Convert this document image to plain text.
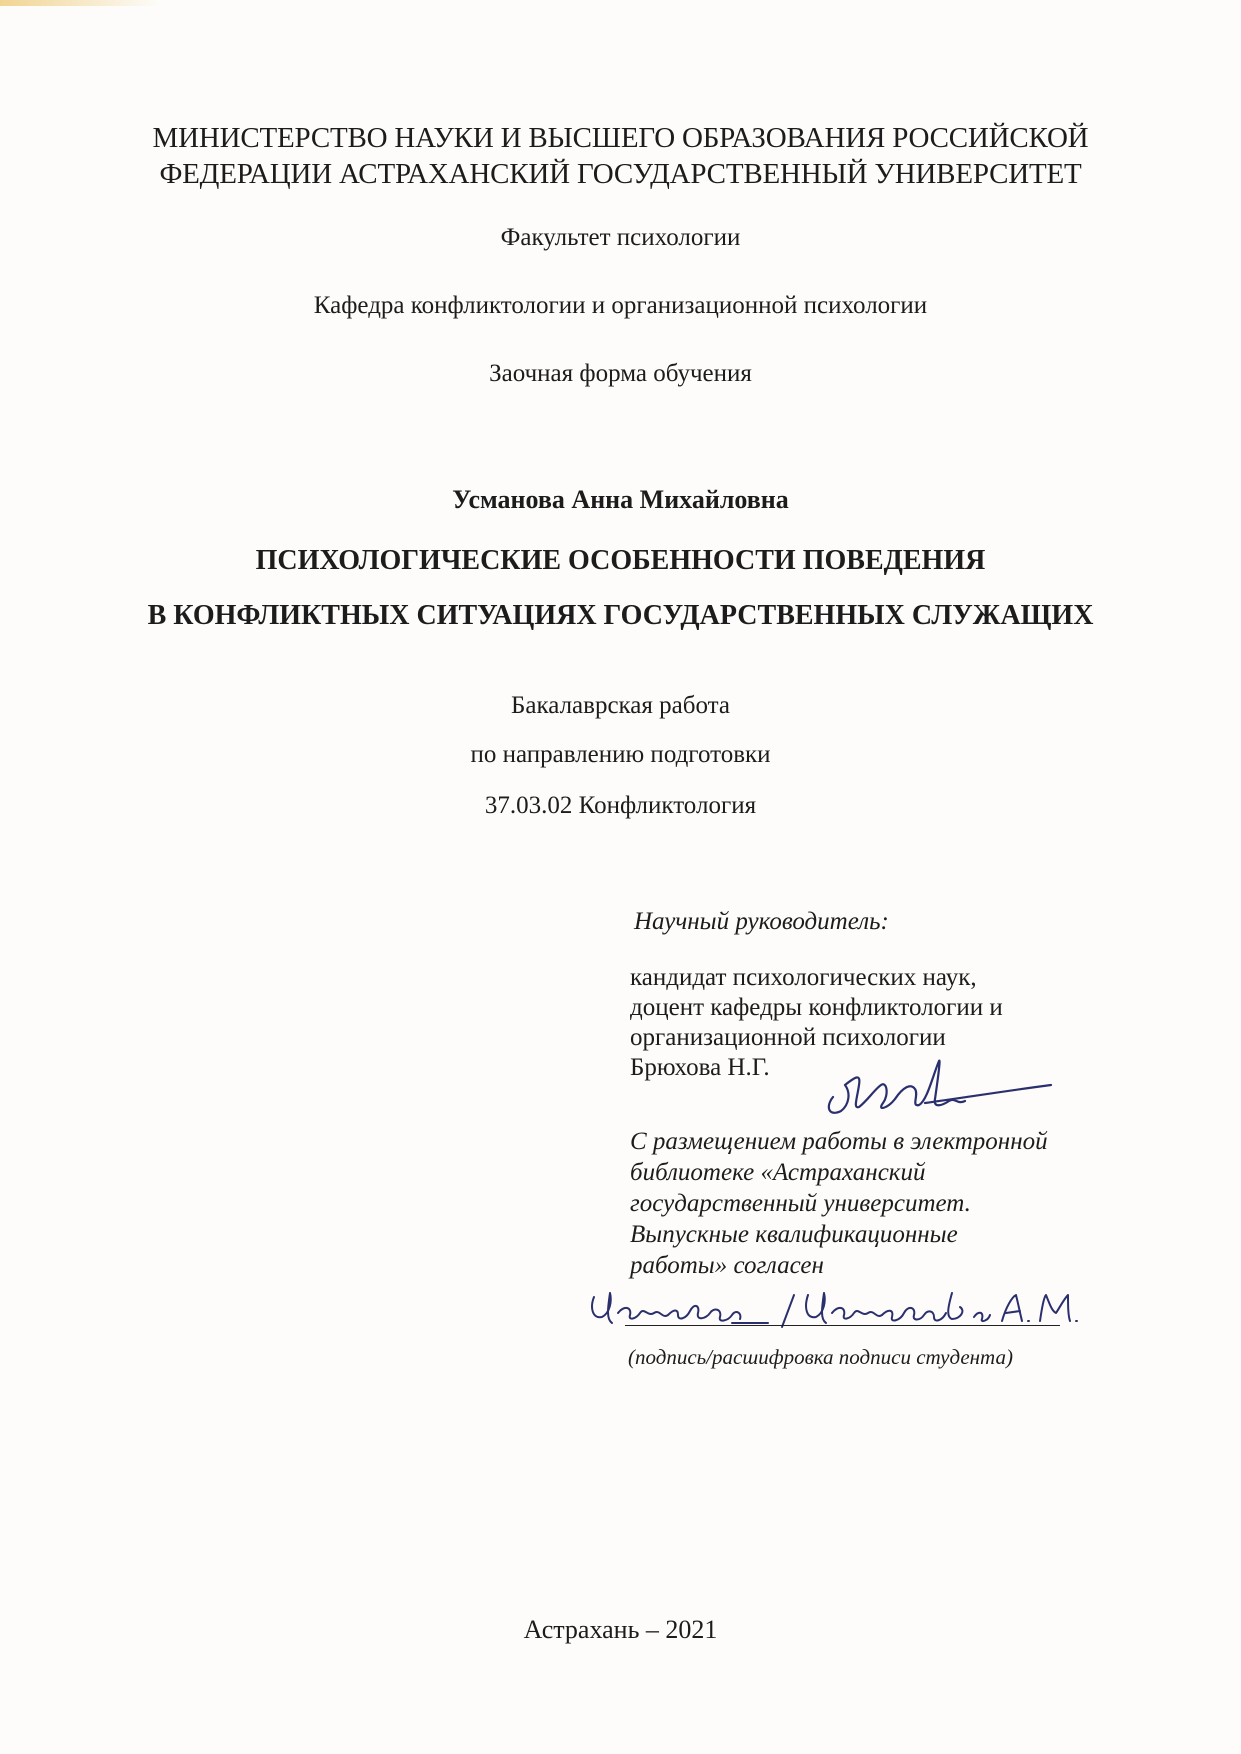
МИНИСТЕРСТВО НАУКИ И ВЫСШЕГО ОБРАЗОВАНИЯ РОССИЙСКОЙ
ФЕДЕРАЦИИ АСТРАХАНСКИЙ ГОСУДАРСТВЕННЫЙ УНИВЕРСИТЕТ
Факультет психологии
Кафедра конфликтологии и организационной психологии
Заочная форма обучения
Усманова Анна Михайловна
ПСИХОЛОГИЧЕСКИЕ ОСОБЕННОСТИ ПОВЕДЕНИЯ
В КОНФЛИКТНЫХ СИТУАЦИЯХ ГОСУДАРСТВЕННЫХ СЛУЖАЩИХ
Бакалаврская работа
по направлению подготовки
37.03.02 Конфликтология
Научный руководитель:
кандидат психологических наук,
доцент кафедры конфликтологии и
организационной психологии
Брюхова Н.Г.
С размещением работы в электронной
библиотеке «Астраханский
государственный университет.
Выпускные квалификационные
работы» согласен
(подпись/расшифровка подписи студента)
Астрахань – 2021
